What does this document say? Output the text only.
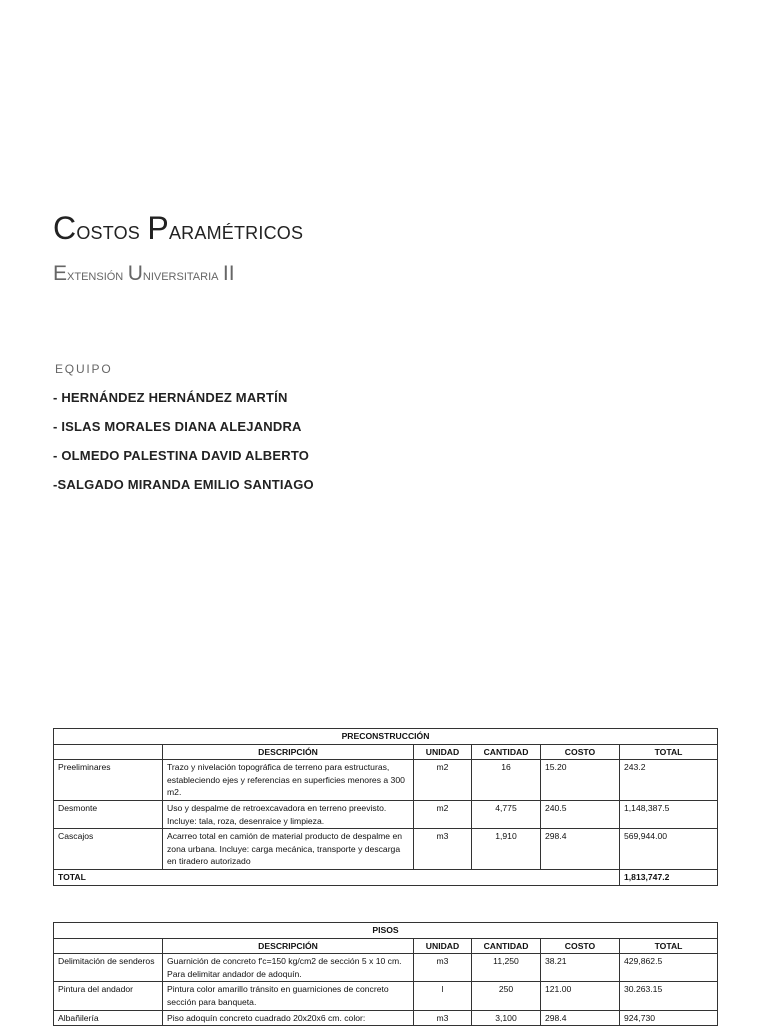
Costos Paramétricos
Extensión Universitaria II
EQUIPO
- HERNÁNDEZ HERNÁNDEZ MARTÍN
- ISLAS MORALES DIANA ALEJANDRA
- OLMEDO PALESTINA DAVID ALBERTO
-SALGADO MIRANDA EMILIO SANTIAGO
PRECONSTRUCCIÓN					
	DESCRIPCIÓN	UNIDAD	CANTIDAD	COSTO	TOTAL
Preeliminares	Trazo y nivelación topográfica de terreno para estructuras, estableciendo ejes y referencias en superficies menores a 300 m2.	m2	16	15.20	243.2
Desmonte	Uso y despalme de retroexcavadora en terreno preevisto. Incluye: tala, roza, desenraice y limpieza.	m2	4,775	240.5	1,148,387.5
Cascajos	Acarreo total en camión de material producto de despalme en zona urbana. Incluye: carga mecánica, transporte y descarga en tiradero autorizado	m3	1,910	298.4	569,944.00
TOTAL					1,813,747.2
PISOS					
	DESCRIPCIÓN	UNIDAD	CANTIDAD	COSTO	TOTAL
Delimitación de senderos	Guarnición de concreto f'c=150 kg/cm2 de sección 5 x 10 cm. Para delimitar andador de adoquín.	m3	11,250	38.21	429,862.5
Pintura del andador	Pintura color amarillo tránsito en guarniciones de concreto sección para banqueta.	l	250	121.00	30.263.15
Albañilería	Piso adoquín concreto cuadrado 20x20x6 cm. color:	m3	3,100	298.4	924,730
